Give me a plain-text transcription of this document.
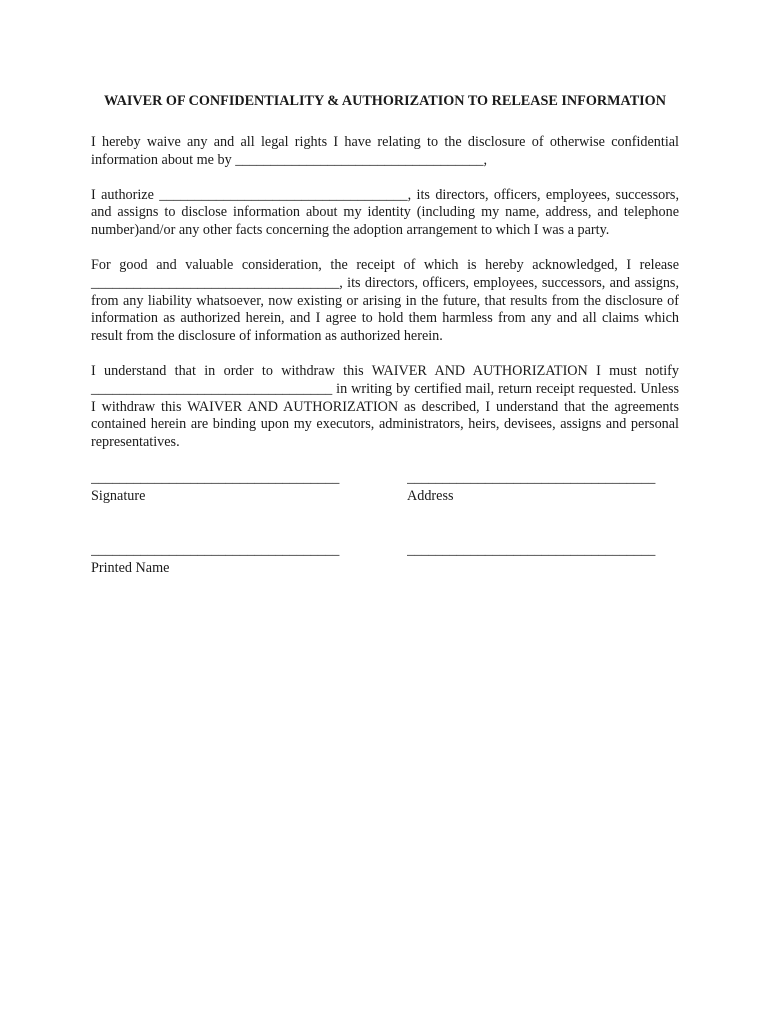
WAIVER OF CONFIDENTIALITY & AUTHORIZATION TO RELEASE INFORMATION

I hereby waive any and all legal rights I have relating to the disclosure of otherwise confidential information about me by ___________________________________,

I authorize ___________________________________, its directors, officers, employees, successors, and assigns to disclose information about my identity (including my name, address, and telephone number)and/or any other facts concerning the adoption arrangement to which I was a party.

For good and valuable consideration, the receipt of which is hereby acknowledged, I release ___________________________________, its directors, officers, employees, successors, and assigns, from any liability whatsoever, now existing or arising in the future, that results from the disclosure of information as authorized herein, and I agree to hold them harmless from any and all claims which result from the disclosure of information as authorized herein.

I understand that in order to withdraw this WAIVER AND AUTHORIZATION I must notify __________________________________ in writing by certified mail, return receipt requested. Unless I withdraw this WAIVER AND AUTHORIZATION as described, I understand that the agreements contained herein are binding upon my executors, administrators, heirs, devisees, assigns and personal representatives.

___________________________________
Signature
___________________________________
Address
___________________________________
Printed Name
___________________________________
